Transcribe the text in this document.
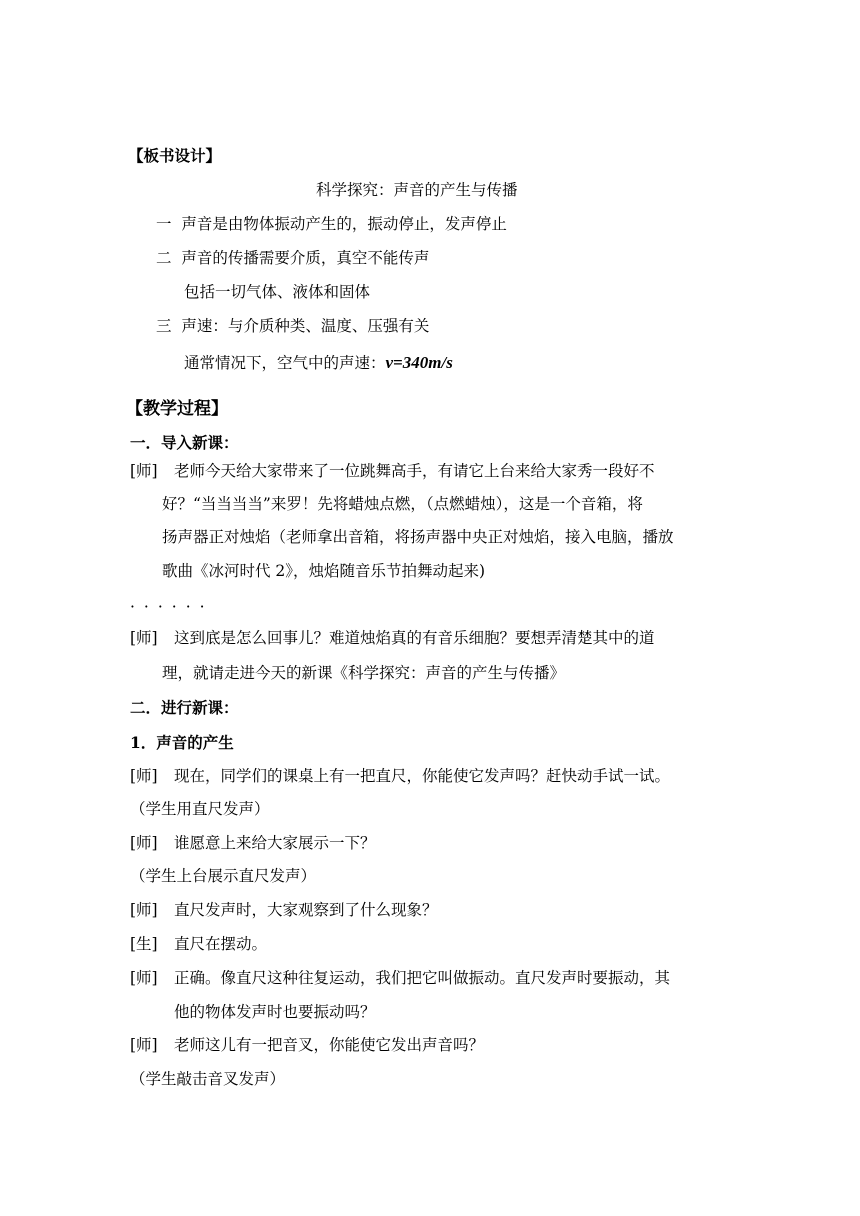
【板书设计】
科学探究：声音的产生与传播
一 声音是由物体振动产生的，振动停止，发声停止
二 声音的传播需要介质，真空不能传声
包括一切气体、液体和固体
三 声速：与介质种类、温度、压强有关
通常情况下，空气中的声速：v=340m/s
【教学过程】
一．导入新课：
[师] 老师今天给大家带来了一位跳舞高手，有请它上台来给大家秀一段好不
好？“当当当当”来罗！先将蜡烛点燃，（点燃蜡烛），这是一个音箱，将
扬声器正对烛焰（老师拿出音箱，将扬声器中央正对烛焰，接入电脑，播放
歌曲《冰河时代 2》，烛焰随音乐节拍舞动起来)
······
[师] 这到底是怎么回事儿？难道烛焰真的有音乐细胞？要想弄清楚其中的道
理，就请走进今天的新课《科学探究：声音的产生与传播》
二．进行新课：
1．声音的产生
[师] 现在，同学们的课桌上有一把直尺，你能使它发声吗？赶快动手试一试。
（学生用直尺发声）
[师] 谁愿意上来给大家展示一下？
（学生上台展示直尺发声）
[师] 直尺发声时，大家观察到了什么现象？
[生] 直尺在摆动。
[师] 正确。像直尺这种往复运动，我们把它叫做振动。直尺发声时要振动，其
他的物体发声时也要振动吗？
[师] 老师这儿有一把音叉，你能使它发出声音吗？
（学生敲击音叉发声）
